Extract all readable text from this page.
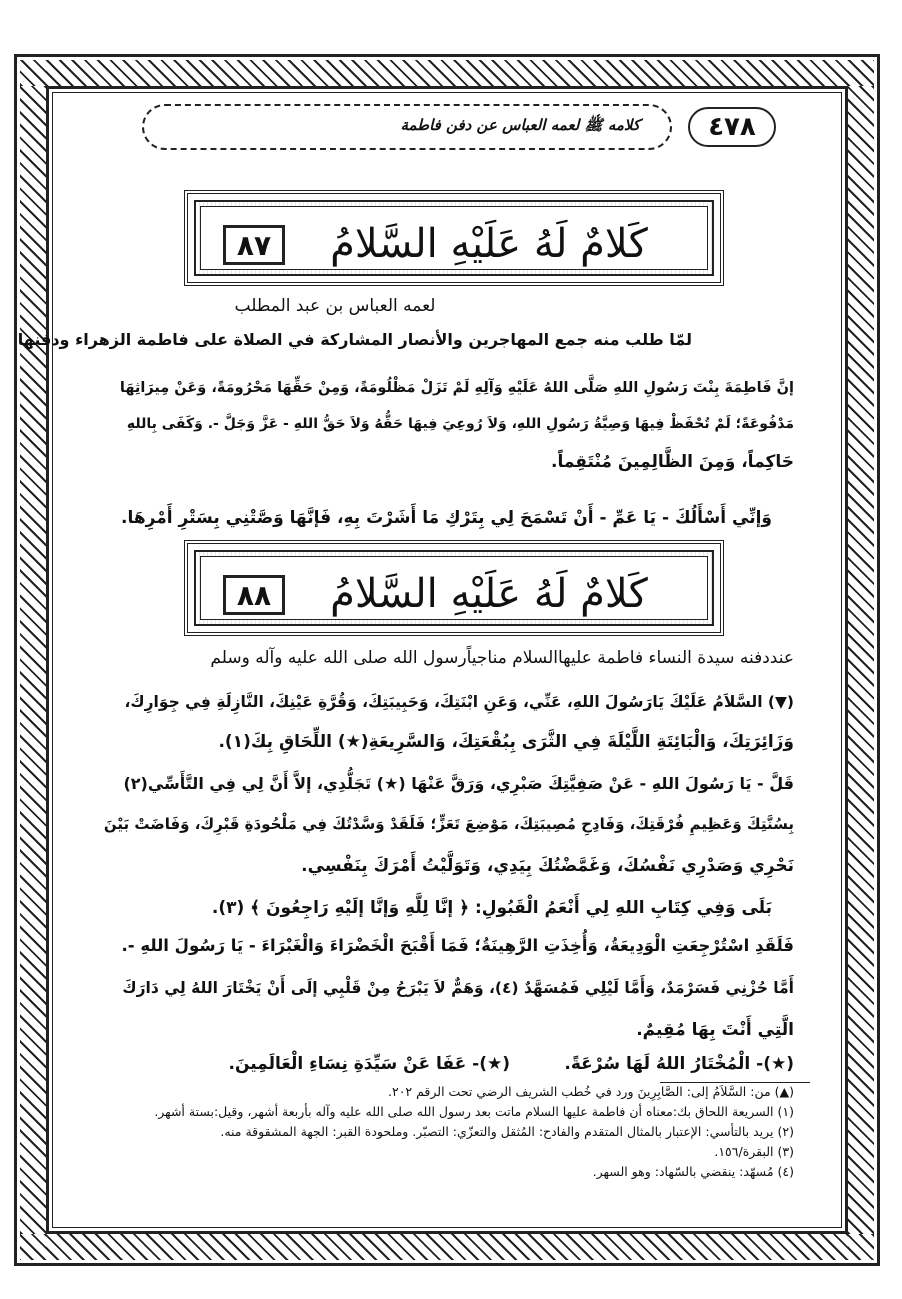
٤٧٨
كلامه ﷺ لعمه العباس عن دفن فاطمة
٨٧	كَلامٌ لَهُ عَلَيْهِ السَّلامُ
لعمه العباس بن عبد المطلب
لمّا طلب منه جمع المهاجرين والأنصار المشاركة في الصلاة على فاطمة الزهراء ودفنها
إنَّ فَاطِمَةَ بِنْتَ رَسُولِ اللهِ صَلَّى اللهُ عَلَيْهِ وَآلِهِ لَمْ تَزَلْ مَظْلُومَةً، وَمِنْ حَقِّهَا مَحْرُومَةً، وَعَنْ مِيرَاثِهَا
مَدْفُوعَةً؛ لَمْ تُحْفَظْ فِيهَا وَصِيَّةُ رَسُولِ اللهِ، وَلاَ رُوعِيَ فِيهَا حَقُّهُ وَلاَ حَقُّ اللهِ - عَزَّ وَجَلَّ -. وَكَفَى بِاللهِ
حَاكِماً، وَمِنَ الظَّالِمِينَ مُنْتَقِماً.
وَإنِّي أَسْأَلُكَ - يَا عَمِّ - أَنْ تَسْمَحَ لِي بِتَرْكِ مَا أَشَرْتَ بِهِ، فَإنَّهَا وَصَّتْنِي بِسَتْرِ أَمْرِهَا.
٨٨	كَلامٌ لَهُ عَلَيْهِ السَّلامُ
عنددفنه سيدة النساء فاطمة عليهاالسلام مناجياًرسول الله صلى الله عليه وآله وسلم
(▼) السَّلاَمُ عَلَيْكَ يَارَسُولَ اللهِ، عَنِّي، وَعَنِ ابْنَتِكَ، وَحَبِيبَتِكَ، وَقُرَّةِ عَيْنِكَ، النَّازِلَةِ فِي جِوَارِكَ،
وَزَائِرَتِكَ، وَالْبَائِتَةِ اللَّيْلَةَ فِي الثَّرَى بِبُقْعَتِكَ، وَالسَّرِيعَةِ(★) اللِّحَاقِ بِكَ(١).
قَلَّ - يَا رَسُولَ اللهِ - عَنْ صَفِيَّتِكَ صَبْرِي، وَرَقَّ عَنْهَا (★) تَجَلُّدِي، إلاَّ أَنَّ لِي فِي التَّأَسِّي(٢)
بِسُنَّتِكَ وَعَظِيمِ فُرْقَتِكَ، وَفَادِحِ مُصِيبَتِكَ، مَوْضِعَ تَعَزٍّ؛ فَلَقَدْ وَسَّدْتُكَ فِي مَلْحُودَةِ قَبْرِكَ، وَفَاضَتْ بَيْنَ
نَحْرِي وَصَدْرِي نَفْسُكَ، وَغَمَّضْتُكَ بِيَدِي، وَتَوَلَّيْتُ أَمْرَكَ بِنَفْسِي.
بَلَى وَفِي كِتَابِ اللهِ لِي أَنْعَمُ الْقَبُولِ: ﴿ إنَّا لِلَّهِ وَإنَّا إلَيْهِ رَاجِعُونَ ﴾ (٣).
فَلَقَدِ اسْتُرْجِعَتِ الْوَدِيعَةُ، وَأُخِذَتِ الرَّهِينَةُ؛ فَمَا أَقْبَحَ الْخَضْرَاءَ وَالْغَبْرَاءَ - يَا رَسُولَ اللهِ -.
أَمَّا حُزْنِي فَسَرْمَدٌ، وَأَمَّا لَيْلِي فَمُسَهَّدٌ (٤)، وَهَمٌّ لاَ يَبْرَحُ مِنْ قَلْبِي إلَى أَنْ يَخْتَارَ اللهُ لِي دَارَكَ
الَّتِي أَنْتَ بِهَا مُقِيمٌ.
(★)- الْمُخْتَارُ اللهُ لَهَا سُرْعَةً.
(★)- عَفَا عَنْ سَيِّدَةِ نِسَاءِ الْعَالَمِينَ.
(▲) من: السَّلاَمُ إلى: الصَّابِرِينَ ورد في خُطب الشريف الرضي تحت الرقم ٢٠٢.
(١) السريعة اللحاق بك:معناه أن فاطمة عليها السلام ماتت بعد رسول الله صلى الله عليه وآله بأربعة أشهر، وقيل:بستة أشهر.
(٢) يريد بالتأسي: الإعتبار بالمثال المتقدم والفادح: المُثقل والتعزّي: التصبّر. وملحودة القبر: الجهة المشقوقة منه.
(٣) البقرة/١٥٦.
(٤) مُسهّد: ينقضي بالسّهاد: وهو السهر.
